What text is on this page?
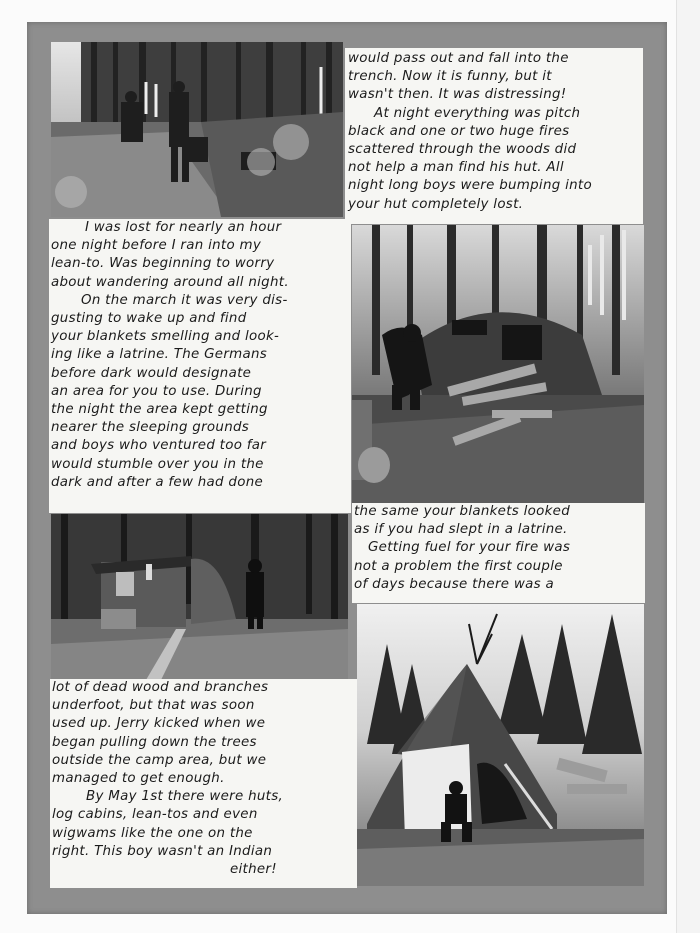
would pass out and fall into the

trench. Now it is funny, but it

wasn't then. It was distressing!

At night everything was pitch

black and one or two huge fires

scattered through the woods did

not help a man find his hut. All

night long boys were bumping into

your hut completely lost.

I was lost for nearly an hour

one night before I ran into my

lean-to. Was beginning to worry

about wandering around all night.

On the march it was very dis-

gusting to wake up and find

your blankets smelling and look-

ing like a latrine. The Germans

before dark would designate

an area for you to use. During

the night the area kept getting

nearer the sleeping grounds

and boys who ventured too far

would stumble over you in the

dark and after a few had done

the same your blankets looked

as if you had slept in a latrine.

Getting fuel for your fire was

not a problem the first couple

of days because there was a

lot of dead wood and branches

underfoot, but that was soon

used up. Jerry kicked when we

began pulling down the trees

outside the camp area, but we

managed to get enough.

By May 1st there were huts,

log cabins, lean-tos and even

wigwams like the one on the

right. This boy wasn't an Indian

either!
